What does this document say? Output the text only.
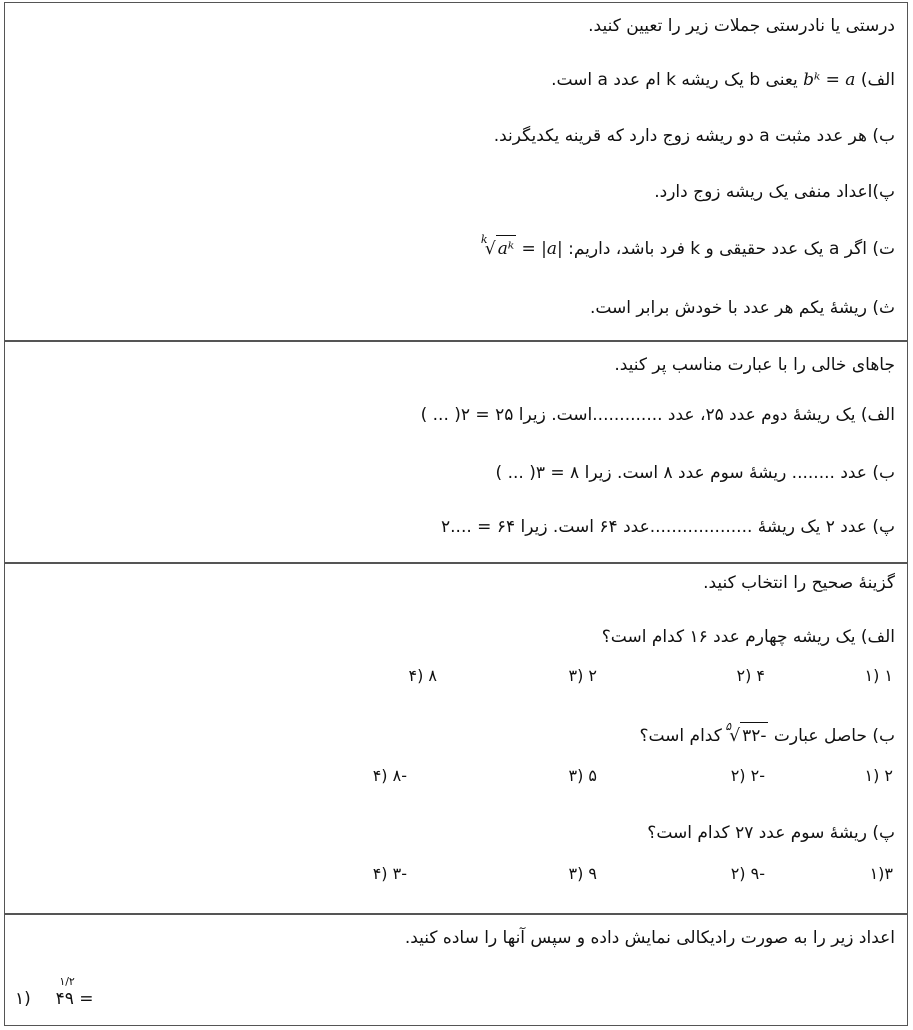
درستی یا نادرستی جملات زیر را تعیین کنید.
الف) bᵏ = a یعنی b یک ریشه k ام عدد a است.
ب) هر عدد مثبت a دو ریشه زوج دارد که قرینه یکدیگرند.
پ)اعداد منفی یک ریشه زوج دارد.
ت) اگر a یک عدد حقیقی و k فرد باشد، داریم:
k
√ aᵏ = |a|
ث) ریشهٔ یکم هر عدد با خودش برابر است.
جاهای خالی را با عبارت مناسب پر کنید.
الف) یک ریشهٔ دوم عدد ۲۵، عدد .............است. زیرا ۲۵ = ۲( ... )
ب) عدد ........ ریشهٔ سوم عدد ۸ است. زیرا ۸ = ۳( ... )
پ) عدد ۲ یک ریشهٔ ...................عدد ۶۴ است. زیرا ۶۴ = ....۲
گزینهٔ صحیح را انتخاب کنید.
الف) یک ریشه چهارم عدد ۱۶ کدام است؟
۱ (۱
۴ (۲
۲ (۳
۸ (۴
ب) حاصل عبارت
۵
√ ۳۲- کدام است؟
۲ (۱
-۲ (۲
۵ (۳
-۸ (۴
پ) ریشهٔ سوم عدد ۲۷ کدام است؟
۳(۱
-۹ (۲
۹ (۳
-۳ (۴
اعداد زیر را به صورت رادیکالی نمایش داده و سپس آنها را ساده کنید.
۱) ۴۹
۱/۲
=
